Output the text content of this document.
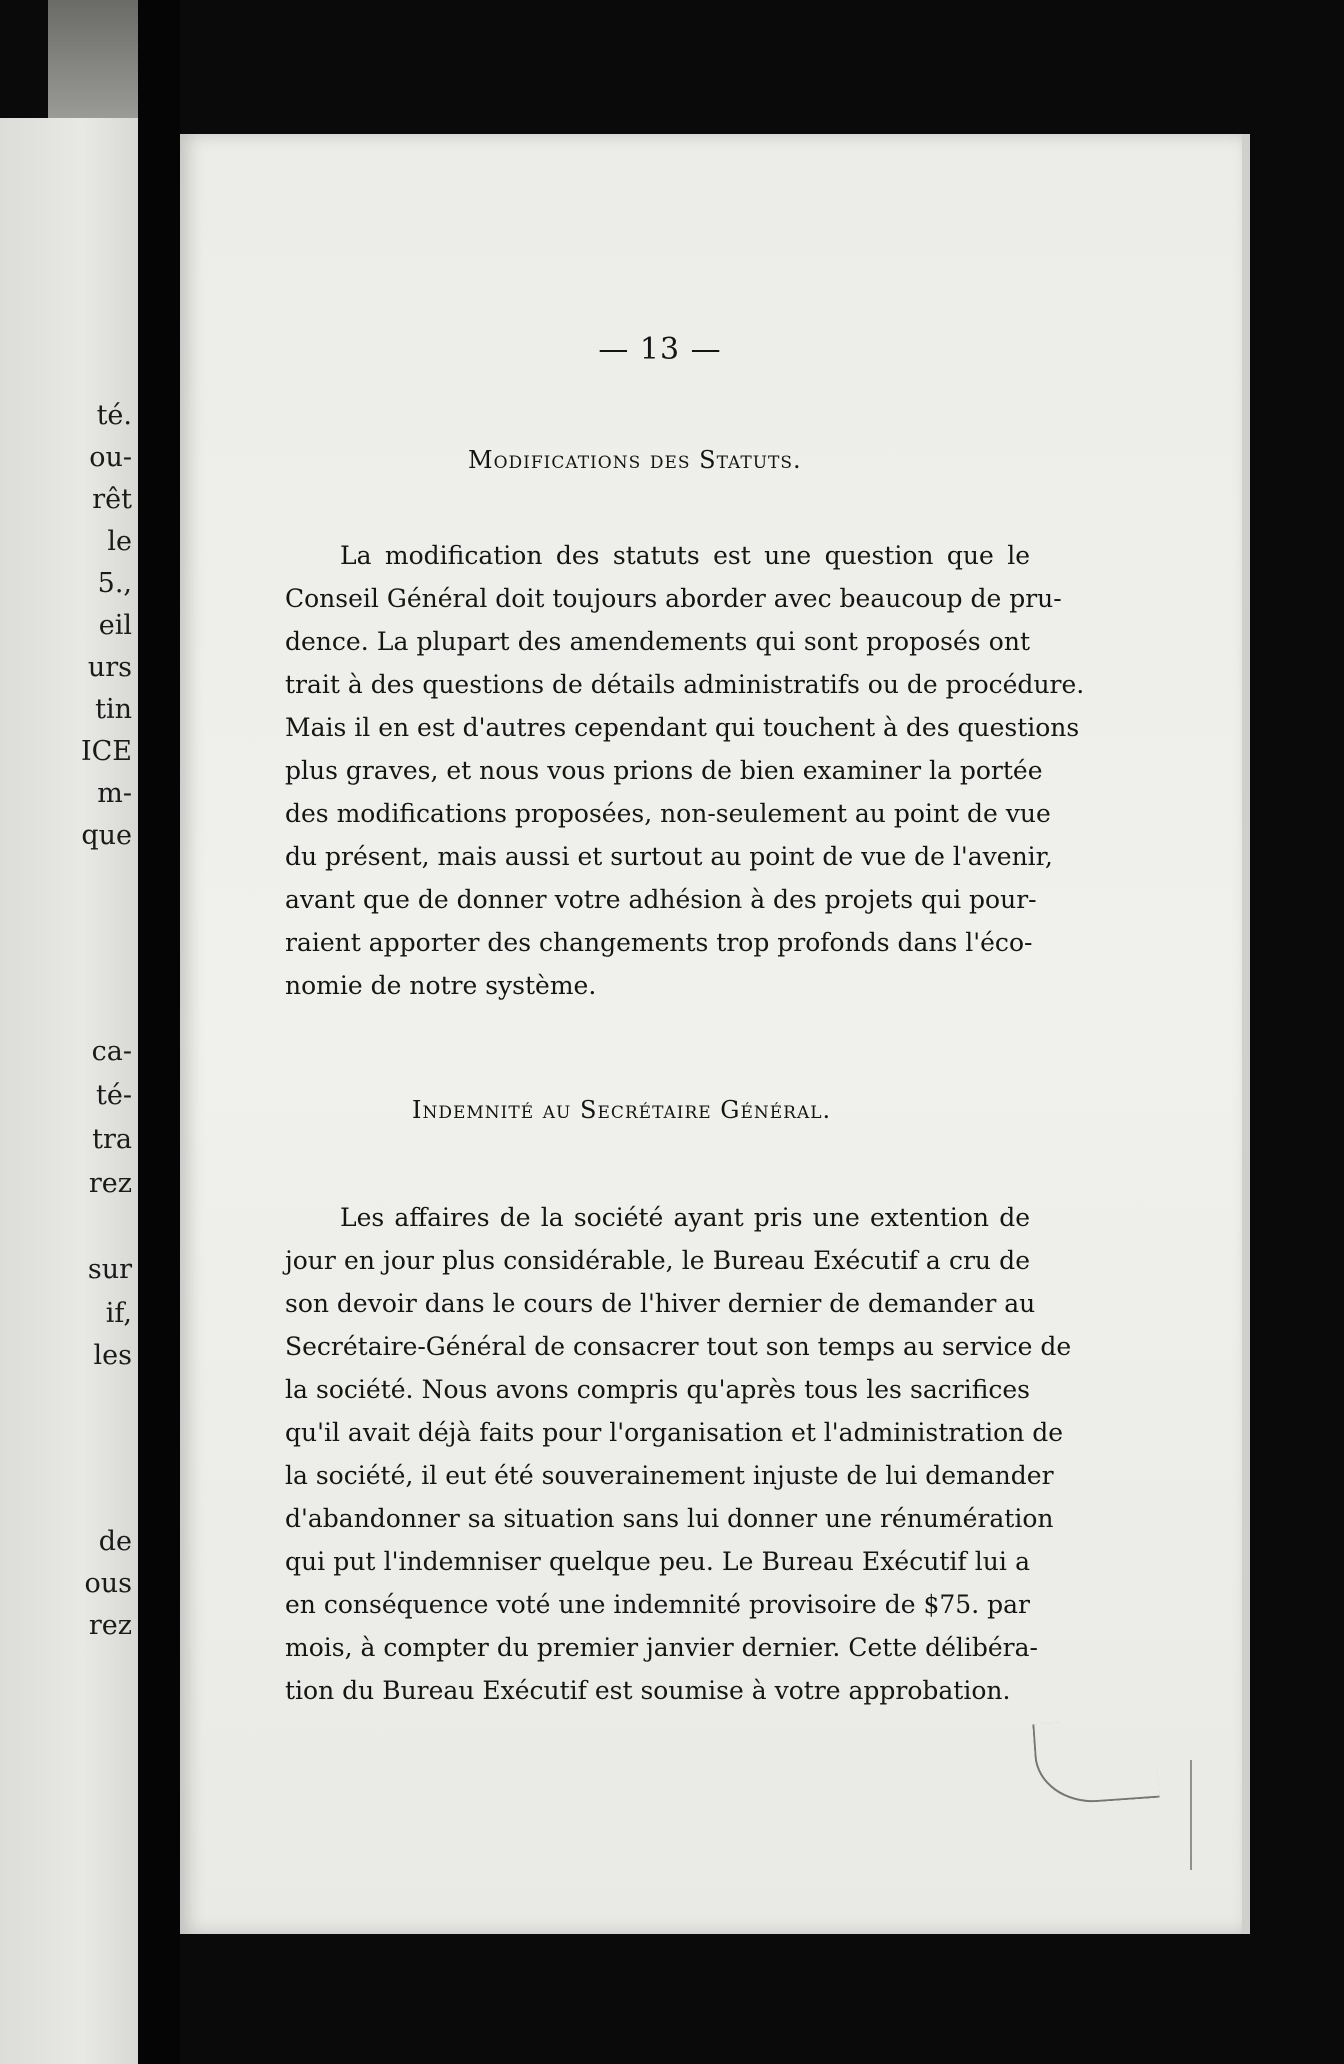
té.
ou-
rêt
le
5.,
eil
urs
tin
ICE
m-
que
ca-
té-
tra
rez
sur
if,
les
de
ous
rez
— 13 —
Modifications des Statuts.
La modification des statuts est une question que le
Conseil Général doit toujours aborder avec beaucoup de pru-
dence. La plupart des amendements qui sont proposés ont
trait à des questions de détails administratifs ou de procédure.
Mais il en est d'autres cependant qui touchent à des questions
plus graves, et nous vous prions de bien examiner la portée
des modifications proposées, non-seulement au point de vue
du présent, mais aussi et surtout au point de vue de l'avenir,
avant que de donner votre adhésion à des projets qui pour-
raient apporter des changements trop profonds dans l'éco-
nomie de notre système.
Indemnité au Secrétaire Général.
Les affaires de la société ayant pris une extention de
jour en jour plus considérable, le Bureau Exécutif a cru de
son devoir dans le cours de l'hiver dernier de demander au
Secrétaire-Général de consacrer tout son temps au service de
la société. Nous avons compris qu'après tous les sacrifices
qu'il avait déjà faits pour l'organisation et l'administration de
la société, il eut été souverainement injuste de lui demander
d'abandonner sa situation sans lui donner une rénumération
qui put l'indemniser quelque peu. Le Bureau Exécutif lui a
en conséquence voté une indemnité provisoire de $75. par
mois, à compter du premier janvier dernier. Cette délibéra-
tion du Bureau Exécutif est soumise à votre approbation.
